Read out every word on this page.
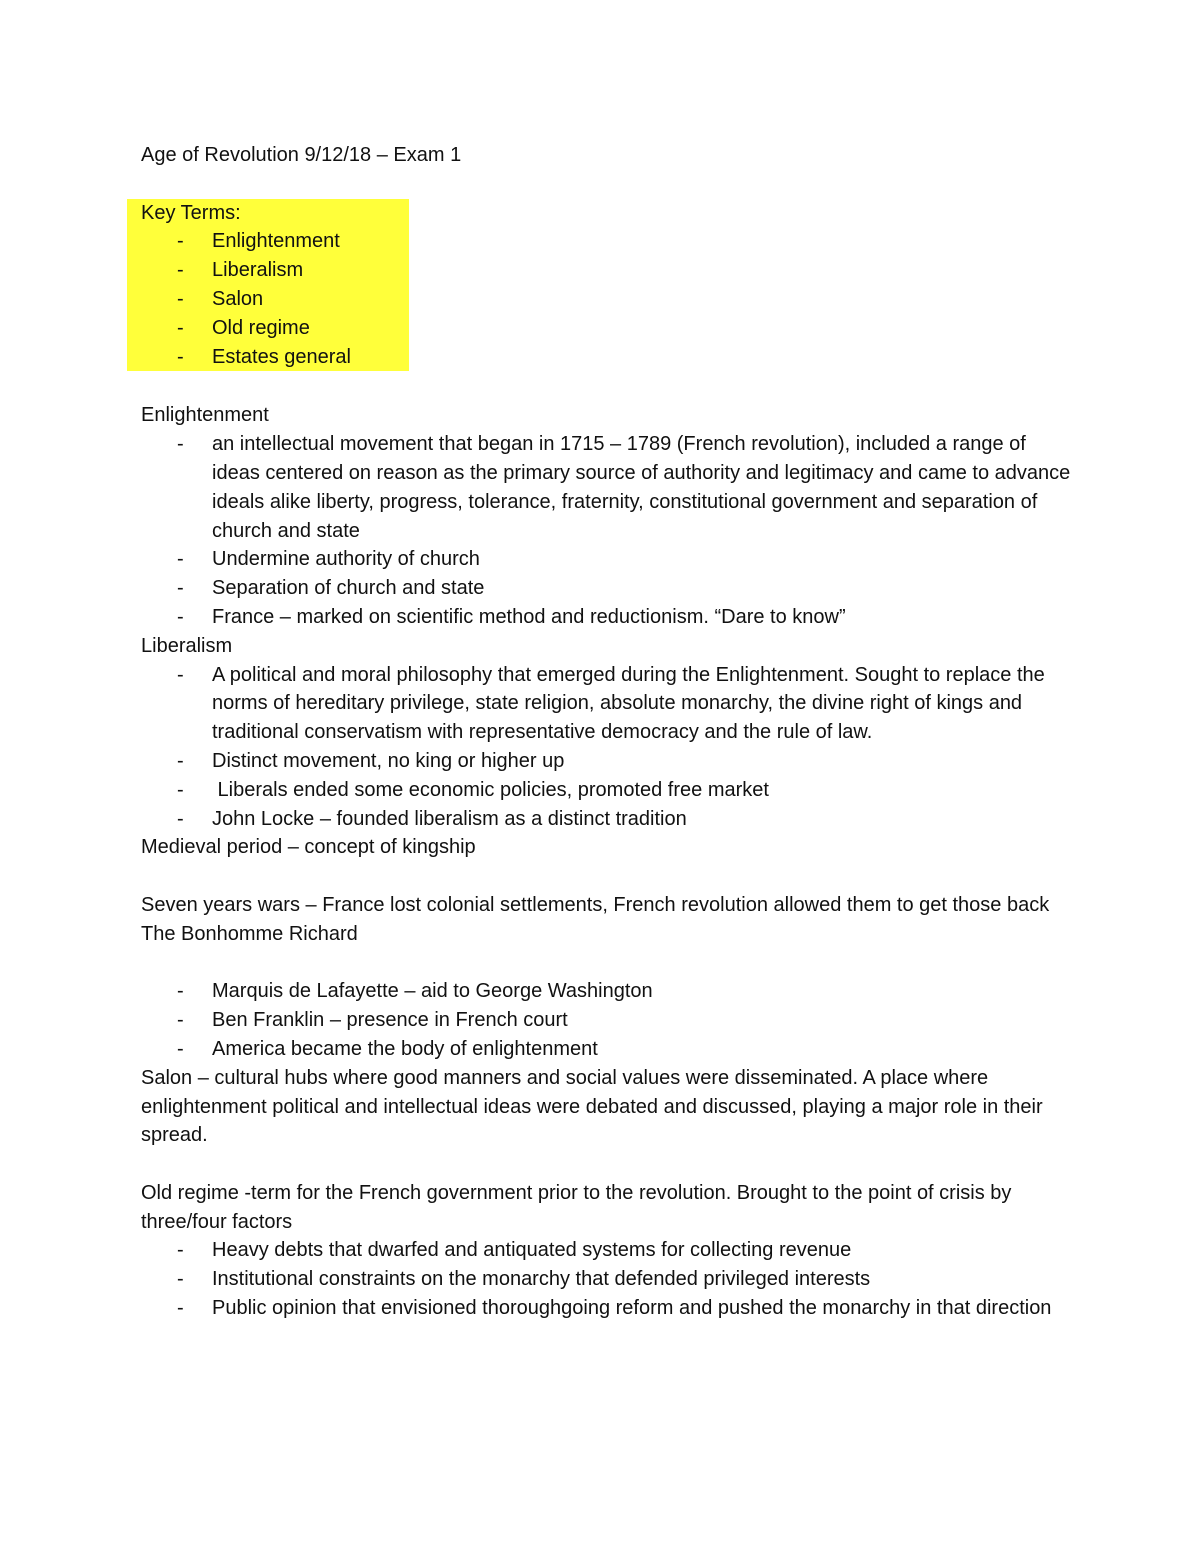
Age of Revolution 9/12/18 – Exam 1

Key Terms:

- Enlightenment
- Liberalism
- Salon
- Old regime
- Estates general

Enlightenment

- an intellectual movement that began in 1715 – 1789 (French revolution), included a range of ideas centered on reason as the primary source of authority and legitimacy and came to advance ideals alike liberty, progress, tolerance, fraternity, constitutional government and separation of church and state
- Undermine authority of church
- Separation of church and state
- France – marked on scientific method and reductionism. “Dare to know”

Liberalism

- A political and moral philosophy that emerged during the Enlightenment. Sought to replace the norms of hereditary privilege, state religion, absolute monarchy, the divine right of kings and traditional conservatism with representative democracy and the rule of law.
- Distinct movement, no king or higher up
- Liberals ended some economic policies, promoted free market
- John Locke – founded liberalism as a distinct tradition

Medieval period – concept of kingship

Seven years wars – France lost colonial settlements, French revolution allowed them to get those back

The Bonhomme Richard

- Marquis de Lafayette – aid to George Washington
- Ben Franklin – presence in French court
- America became the body of enlightenment

Salon – cultural hubs where good manners and social values were disseminated. A place where enlightenment political and intellectual ideas were debated and discussed, playing a major role in their spread.

Old regime -term for the French government prior to the revolution. Brought to the point of crisis by three/four factors

- Heavy debts that dwarfed and antiquated systems for collecting revenue
- Institutional constraints on the monarchy that defended privileged interests
- Public opinion that envisioned thoroughgoing reform and pushed the monarchy in that direction
